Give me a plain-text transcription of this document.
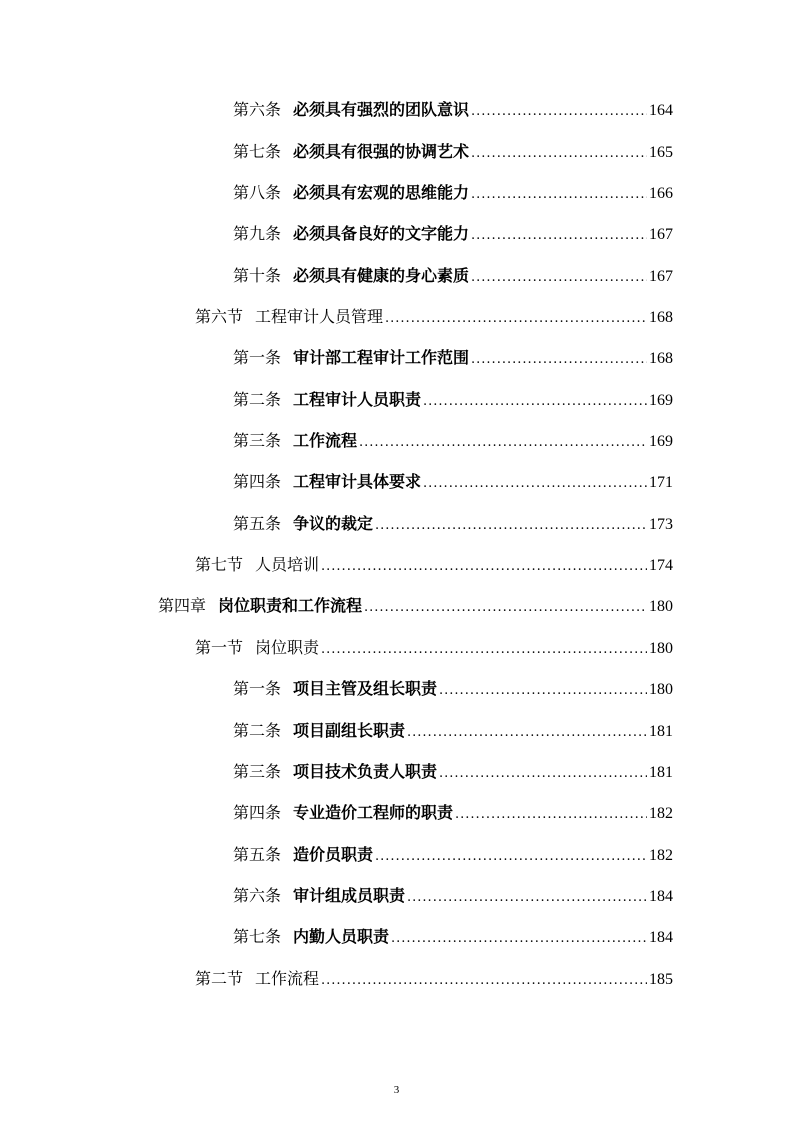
第六条 必须具有强烈的团队意识 .....	164
第七条 必须具有很强的协调艺术 .....	165
第八条 必须具有宏观的思维能力 .....	166
第九条 必须具备良好的文字能力 .....	167
第十条 必须具有健康的身心素质 .....	167
第六节 工程审计人员管理 .....	168
第一条 审计部工程审计工作范围 .....	168
第二条 工程审计人员职责 .....	169
第三条 工作流程 .....	169
第四条 工程审计具体要求 .....	171
第五条 争议的裁定 .....	173
第七节 人员培训 .....	174
第四章 岗位职责和工作流程 .....	180
第一节 岗位职责 .....	180
第一条 项目主管及组长职责 .....	180
第二条 项目副组长职责 .....	181
第三条 项目技术负责人职责 .....	181
第四条 专业造价工程师的职责 .....	182
第五条 造价员职责 .....	182
第六条 审计组成员职责 .....	184
第七条 内勤人员职责 .....	184
第二节 工作流程 .....	185
3
